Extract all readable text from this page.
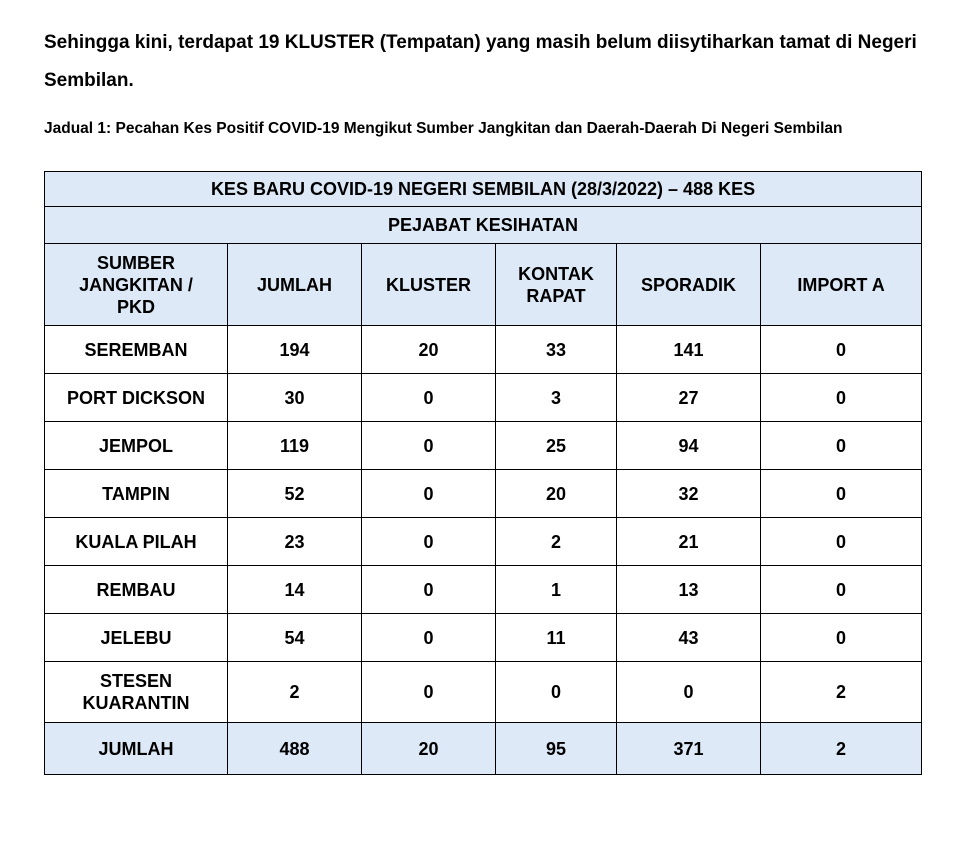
Sehingga kini, terdapat 19 KLUSTER (Tempatan) yang masih belum diisytiharkan tamat di Negeri Sembilan.

Jadual 1: Pecahan Kes Positif COVID-19 Mengikut Sumber Jangkitan dan Daerah-Daerah Di Negeri Sembilan

KES BARU COVID-19 NEGERI SEMBILAN (28/3/2022) – 488 KES					
PEJABAT KESIHATAN					

SUMBER JANGKITAN / PKD	JUMLAH	KLUSTER	KONTAK RAPAT	SPORADIK	IMPORT A
SEREMBAN	194	20	33	141	0
PORT DICKSON	30	0	3	27	0
JEMPOL	119	0	25	94	0
TAMPIN	52	0	20	32	0
KUALA PILAH	23	0	2	21	0
REMBAU	14	0	1	13	0
JELEBU	54	0	11	43	0

STESEN KUARANTIN	2	0	0	0	2
JUMLAH	488	20	95	371	2
